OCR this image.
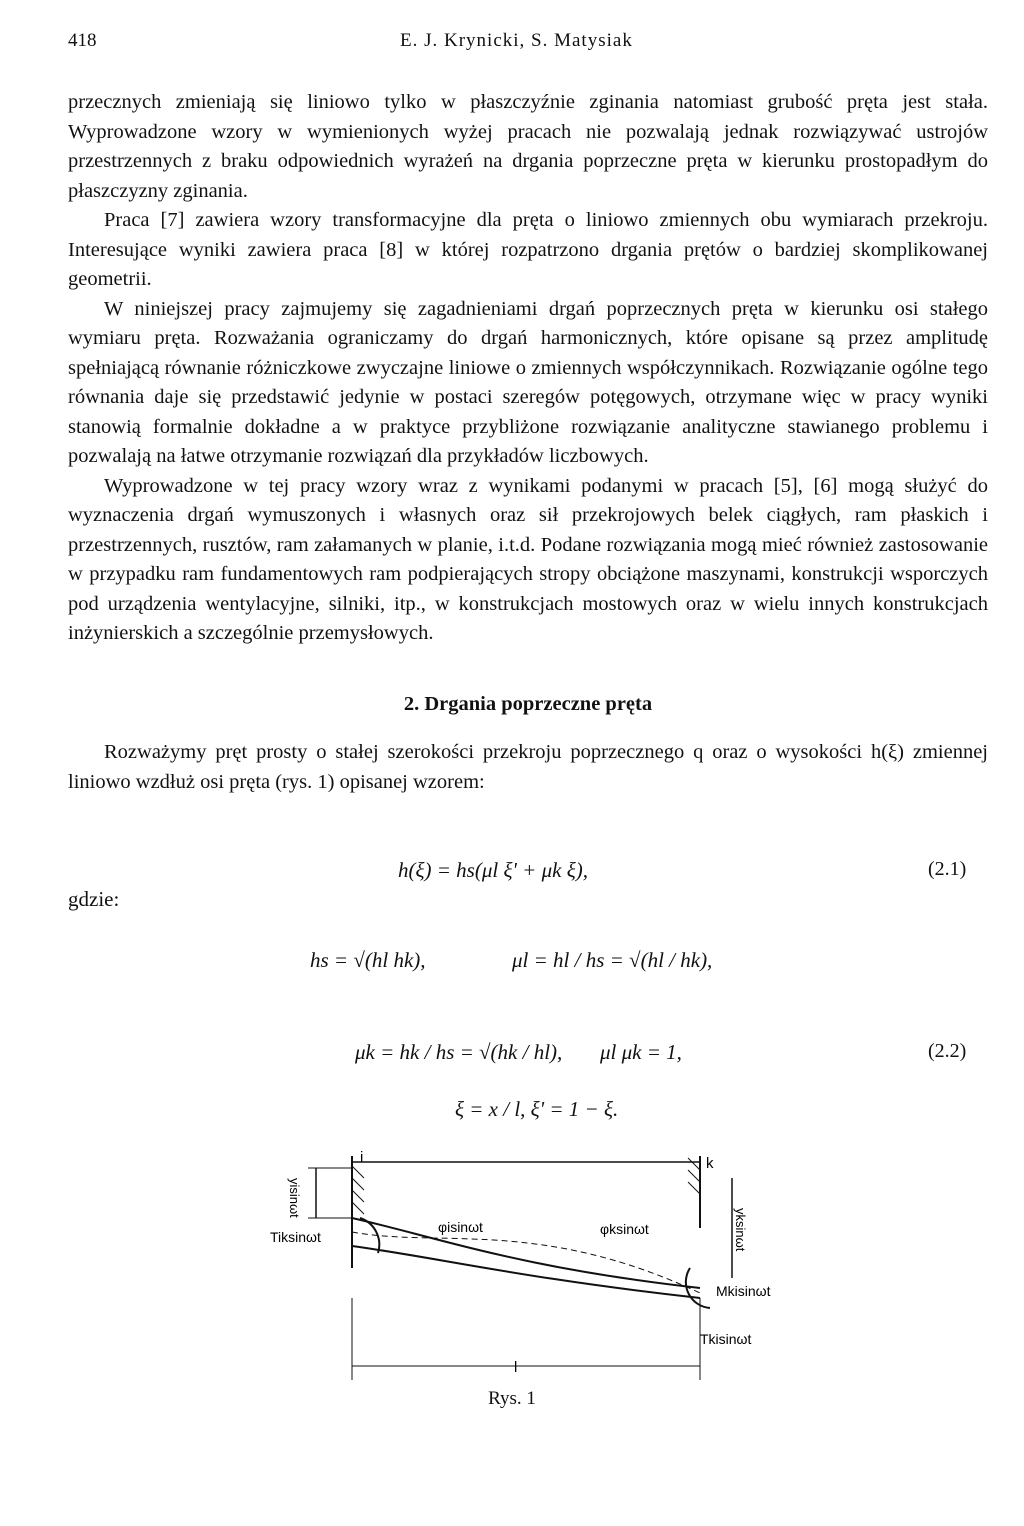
418	E. J. Krynicki, S. Matysiak

przecznych zmieniają się liniowo tylko w płaszczyźnie zginania natomiast grubość pręta jest stała. Wyprowadzone wzory w wymienionych wyżej pracach nie pozwalają jednak rozwiązywać ustrojów przestrzennych z braku odpowiednich wyrażeń na drgania poprzeczne pręta w kierunku prostopadłym do płaszczyzny zginania.

Praca [7] zawiera wzory transformacyjne dla pręta o liniowo zmiennych obu wymiarach przekroju. Interesujące wyniki zawiera praca [8] w której rozpatrzono drgania prętów o bardziej skomplikowanej geometrii.

W niniejszej pracy zajmujemy się zagadnieniami drgań poprzecznych pręta w kierunku osi stałego wymiaru pręta. Rozważania ograniczamy do drgań harmonicznych, które opisane są przez amplitudę spełniającą równanie różniczkowe zwyczajne liniowe o zmiennych współczynnikach. Rozwiązanie ogólne tego równania daje się przedstawić jedynie w postaci szeregów potęgowych, otrzymane więc w pracy wyniki stanowią formalnie dokładne a w praktyce przybliżone rozwiązanie analityczne stawianego problemu i pozwalają na łatwe otrzymanie rozwiązań dla przykładów liczbowych.

Wyprowadzone w tej pracy wzory wraz z wynikami podanymi w pracach [5], [6] mogą służyć do wyznaczenia drgań wymuszonych i własnych oraz sił przekrojowych belek ciągłych, ram płaskich i przestrzennych, rusztów, ram załamanych w planie, i.t.d. Podane rozwiązania mogą mieć również zastosowanie w przypadku ram fundamentowych ram podpierających stropy obciążone maszynami, konstrukcji wsporczych pod urządzenia wentylacyjne, silniki, itp., w konstrukcjach mostowych oraz w wielu innych konstrukcjach inżynierskich a szczególnie przemysłowych.

2. Drgania poprzeczne pręta

Rozważymy pręt prosty o stałej szerokości przekroju poprzecznego q oraz o wysokości h(ξ) zmiennej liniowo wzdłuż osi pręta (rys. 1) opisanej wzorem:

h(ξ) = hs(μl ξ' + μk ξ),	(2.1)
gdzie:
hs = √(hl hk),	μl = hl / hs = √(hl / hk),
μk = hk / hs = √(hk / hl), μl μk = 1,	(2.2)
ξ = x / l, ξ' = 1 − ξ.
i	k
yisinωt
yksinωt
Tiksinωt
φisinωt	φksinωt
Mkisinωt
Tkisinωt
l
Rys. 1
